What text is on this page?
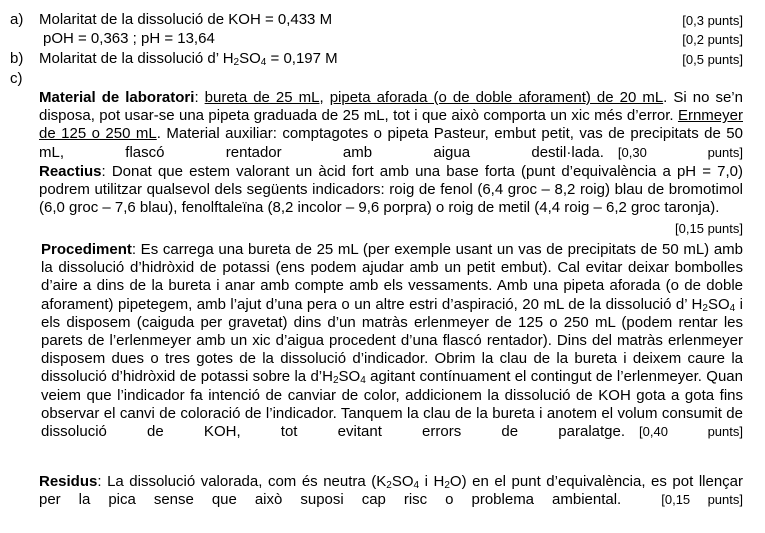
a) Molaritat de la dissolució de KOH = 0,433 M	[0,3 punts]
pOH = 0,363 ; pH = 13,64	[0,2 punts]
b) Molaritat de la dissolució d’ $H_2SO_4 = 0,197$ M	[0,5 punts]
c)

Material de laboratori: bureta de 25 mL, pipeta aforada (o de doble aforament) de 20 mL. Si no se’n disposa, pot usar-se una pipeta graduada de 25 mL, tot i que això comporta un xic més d’error. Ernmeyer de 125 o 250 mL. Material auxiliar: comptagotes o pipeta Pasteur, embut petit, vas de precipitats de 50 mL, flascó rentador amb aigua destil·lada. [0,30 punts]

Reactius: Donat que estem valorant un àcid fort amb una base forta (punt d’equivalència a pH = 7,0) podrem utilitzar qualsevol dels següents indicadors: roig de fenol (6,4 groc – 8,2 roig) blau de bromotimol (6,0 groc – 7,6 blau), fenolftaleïna (8,2 incolor – 9,6 porpra) o roig de metil (4,4 roig – 6,2 groc taronja).
[0,15 punts]

Procediment: Es carrega una bureta de 25 mL (per exemple usant un vas de precipitats de 50 mL) amb la dissolució d’hidròxid de potassi (ens podem ajudar amb un petit embut). Cal evitar deixar bombolles d’aire a dins de la bureta i anar amb compte amb els vessaments. Amb una pipeta aforada (o de doble aforament) pipetegem, amb l’ajut d’una pera o un altre estri d’aspiració, 20 mL de la dissolució d’ $H_2SO_4$ i els disposem (caiguda per gravetat) dins d’un matràs erlenmeyer de 125 o 250 mL (podem rentar les parets de l’erlenmeyer amb un xic d’aigua procedent d’una flascó rentador). Dins del matràs erlenmeyer disposem dues o tres gotes de la dissolució d’indicador. Obrim la clau de la bureta i deixem caure la dissolució d’hidròxid de potassi sobre la $d’H_2SO_4$ agitant contínuament el contingut de l’erlenmeyer. Quan veiem que l’indicador fa intenció de canviar de color, addicionem la dissolució de KOH gota a gota fins observar el canvi de coloració de l’indicador. Tanquem la clau de la bureta i anotem el volum consumit de dissolució de KOH, tot evitant errors de paralatge. [0,40 punts]

Residus: La dissolució valorada, com és neutra ($K_2SO_4$ i $H_2O$) en el punt d’equivalència, es pot llençar per la pica sense que això suposi cap risc o problema ambiental.	[0,15 punts]
